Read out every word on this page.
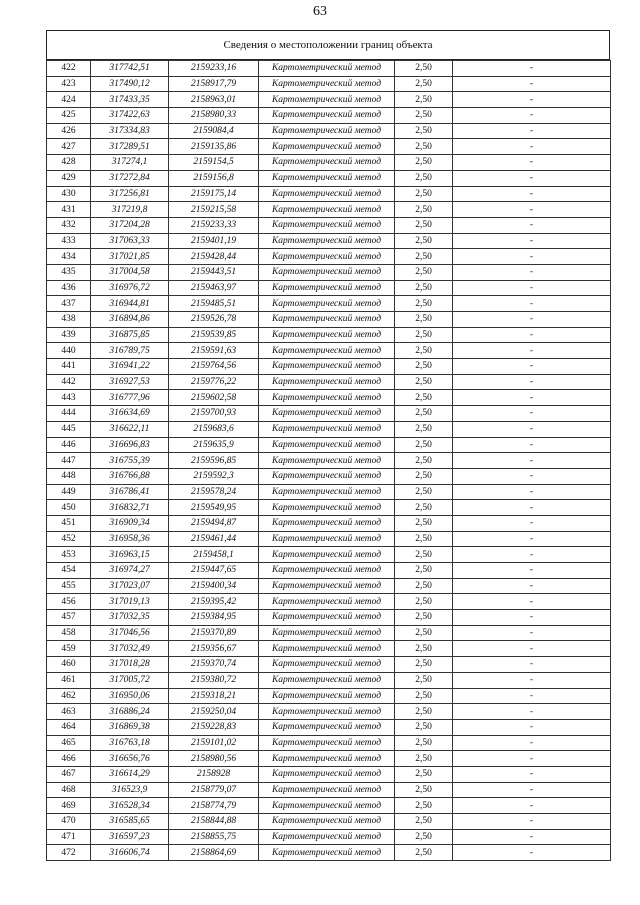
63
Сведения о местоположении границ объекта
422	317742,51	2159233,16	Картометрический метод	2,50	-
423	317490,12	2158917,79	Картометрический метод	2,50	-
424	317433,35	2158963,01	Картометрический метод	2,50	-
425	317422,63	2158980,33	Картометрический метод	2,50	-
426	317334,83	2159084,4	Картометрический метод	2,50	-
427	317289,51	2159135,86	Картометрический метод	2,50	-
428	317274,1	2159154,5	Картометрический метод	2,50	-
429	317272,84	2159156,8	Картометрический метод	2,50	-
430	317256,81	2159175,14	Картометрический метод	2,50	-
431	317219,8	2159215,58	Картометрический метод	2,50	-
432	317204,28	2159233,33	Картометрический метод	2,50	-
433	317063,33	2159401,19	Картометрический метод	2,50	-
434	317021,85	2159428,44	Картометрический метод	2,50	-
435	317004,58	2159443,51	Картометрический метод	2,50	-
436	316976,72	2159463,97	Картометрический метод	2,50	-
437	316944,81	2159485,51	Картометрический метод	2,50	-
438	316894,86	2159526,78	Картометрический метод	2,50	-
439	316875,85	2159539,85	Картометрический метод	2,50	-
440	316789,75	2159591,63	Картометрический метод	2,50	-
441	316941,22	2159764,56	Картометрический метод	2,50	-
442	316927,53	2159776,22	Картометрический метод	2,50	-
443	316777,96	2159602,58	Картометрический метод	2,50	-
444	316634,69	2159700,93	Картометрический метод	2,50	-
445	316622,11	2159683,6	Картометрический метод	2,50	-
446	316696,83	2159635,9	Картометрический метод	2,50	-
447	316755,39	2159596,85	Картометрический метод	2,50	-
448	316766,88	2159592,3	Картометрический метод	2,50	-
449	316786,41	2159578,24	Картометрический метод	2,50	-
450	316832,71	2159549,95	Картометрический метод	2,50	-
451	316909,34	2159494,87	Картометрический метод	2,50	-
452	316958,36	2159461,44	Картометрический метод	2,50	-
453	316963,15	2159458,1	Картометрический метод	2,50	-
454	316974,27	2159447,65	Картометрический метод	2,50	-
455	317023,07	2159400,34	Картометрический метод	2,50	-
456	317019,13	2159395,42	Картометрический метод	2,50	-
457	317032,35	2159384,95	Картометрический метод	2,50	-
458	317046,56	2159370,89	Картометрический метод	2,50	-
459	317032,49	2159356,67	Картометрический метод	2,50	-
460	317018,28	2159370,74	Картометрический метод	2,50	-
461	317005,72	2159380,72	Картометрический метод	2,50	-
462	316950,06	2159318,21	Картометрический метод	2,50	-
463	316886,24	2159250,04	Картометрический метод	2,50	-
464	316869,38	2159228,83	Картометрический метод	2,50	-
465	316763,18	2159101,02	Картометрический метод	2,50	-
466	316656,76	2158980,56	Картометрический метод	2,50	-
467	316614,29	2158928	Картометрический метод	2,50	-
468	316523,9	2158779,07	Картометрический метод	2,50	-
469	316528,34	2158774,79	Картометрический метод	2,50	-
470	316585,65	2158844,88	Картометрический метод	2,50	-
471	316597,23	2158855,75	Картометрический метод	2,50	-
472	316606,74	2158864,69	Картометрический метод	2,50	-
